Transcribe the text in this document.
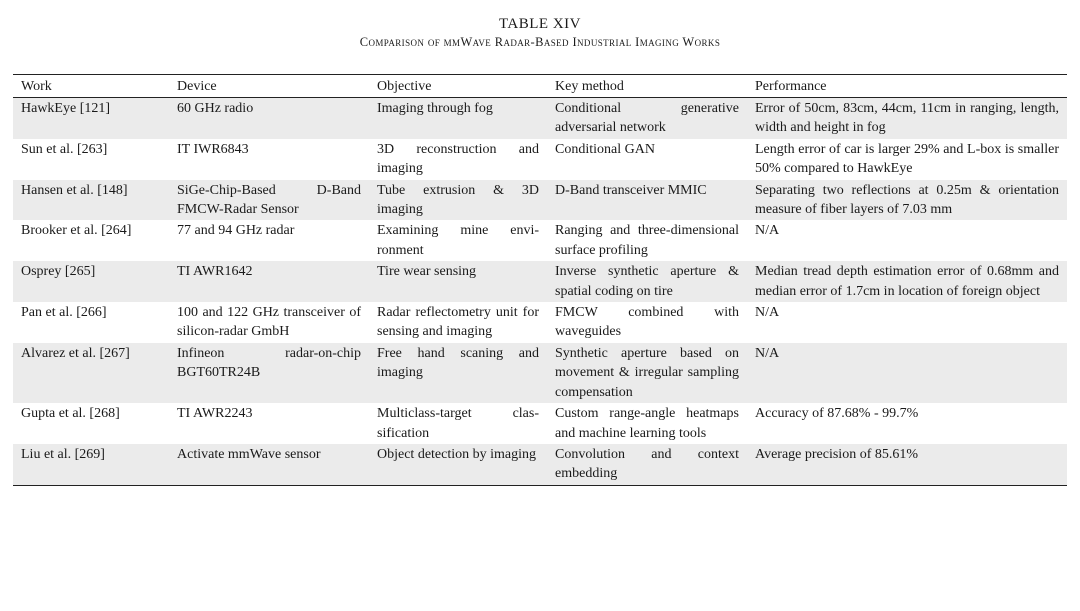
TABLE XIV
Comparison of mmWave Radar-Based Industrial Imaging Works
Work	Device	Objective	Key method	Performance
HawkEye [121]	60 GHz radio	Imaging through fog	Conditional generative adversarial network	Error of 50cm, 83cm, 44cm, 11cm in ranging, length, width and height in fog
Sun et al. [263]	IT IWR6843	3D reconstruction and imaging	Conditional GAN	Length error of car is larger 29% and L-box is smaller 50% compared to HawkEye
Hansen et al. [148]	SiGe-Chip-Based D-Band FMCW-Radar Sensor	Tube extrusion & 3D imaging	D-Band transceiver MMIC	Separating two reflections at 0.25m & orientation measure of fiber layers of 7.03 mm
Brooker et al. [264]	77 and 94 GHz radar	Examining mine environment	Ranging and three-dimensional surface profiling	N/A
Osprey [265]	TI AWR1642	Tire wear sensing	Inverse synthetic aperture & spatial coding on tire	Median tread depth estimation error of 0.68mm and median error of 1.7cm in location of foreign object
Pan et al. [266]	100 and 122 GHz transceiver of silicon-radar GmbH	Radar reflectometry unit for sensing and imaging	FMCW combined with waveguides	N/A
Alvarez et al. [267]	Infineon radar-on-chip BGT60TR24B	Free hand scaning and imaging	Synthetic aperture based on movement & irregular sampling compensation	N/A
Gupta et al. [268]	TI AWR2243	Multiclass-target classification	Custom range-angle heatmaps and machine learning tools	Accuracy of 87.68% - 99.7%
Liu et al. [269]	Activate mmWave sensor	Object detection by imaging	Convolution and context embedding	Average precision of 85.61%
